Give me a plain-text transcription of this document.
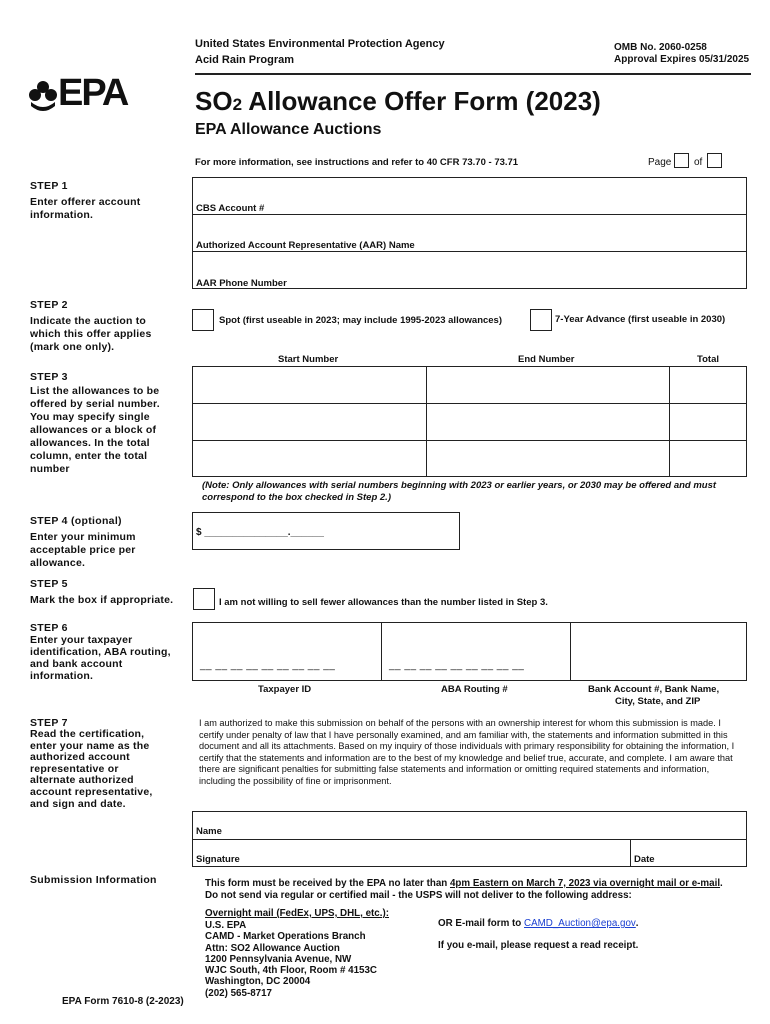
United States Environmental Protection Agency
Acid Rain Program
OMB No. 2060-0258
Approval Expires 05/31/2025
EPA	SO2 Allowance Offer Form (2023)
EPA Allowance Auctions
For more information, see instructions and refer to 40 CFR 73.70 - 73.71	Page of
STEP 1
Enter offerer account information.
CBS Account #
Authorized Account Representative (AAR) Name
AAR Phone Number
STEP 2
Indicate the auction to which this offer applies (mark one only).
Spot (first useable in 2023; may include 1995-2023 allowances)	7-Year Advance (first useable in 2030)
Start Number	End Number	Total
STEP 3
List the allowances to be offered by serial number. You may specify single allowances or a block of allowances. In the total column, enter the total number
(Note: Only allowances with serial numbers beginning with 2023 or earlier years, or 2030 may be offered and must correspond to the box checked in Step 2.)
STEP 4 (optional)
Enter your minimum acceptable price per allowance.
$ _______________.______
STEP 5
Mark the box if appropriate.	I am not willing to sell fewer allowances than the number listed in Step 3.
STEP 6
Enter your taxpayer identification, ABA routing, and bank account information.
__ __ __ __ __ __ __ __ __	__ __ __ __ __ __ __ __ __
Taxpayer ID	ABA Routing #	Bank Account #, Bank Name,
City, State, and ZIP
STEP 7
Read the certification, enter your name as the authorized account representative or alternate authorized account representative, and sign and date.
I am authorized to make this submission on behalf of the persons with an ownership interest for whom this submission is made. I certify under penalty of law that I have personally examined, and am familiar with, the statements and information submitted in this document and all its attachments. Based on my inquiry of those individuals with primary responsibility for obtaining the information, I certify that the statements and information are to the best of my knowledge and belief true, accurate, and complete. I am aware that there are significant penalties for submitting false statements and information or omitting required statements and information, including the possibility of fine or imprisonment.
Name
Signature	Date
Submission Information	This form must be received by the EPA no later than 4pm Eastern on March 7, 2023 via overnight mail or e-mail. Do not send via regular or certified mail - the USPS will not deliver to the following address:
Overnight mail (FedEx, UPS, DHL, etc.):
U.S. EPA
CAMD - Market Operations Branch
Attn: SO2 Allowance Auction
1200 Pennsylvania Avenue, NW
WJC South, 4th Floor, Room # 4153C
Washington, DC 20004
(202) 565-8717
OR E-mail form to CAMD_Auction@epa.gov.
If you e-mail, please request a read receipt.
EPA Form 7610-8 (2-2023)
